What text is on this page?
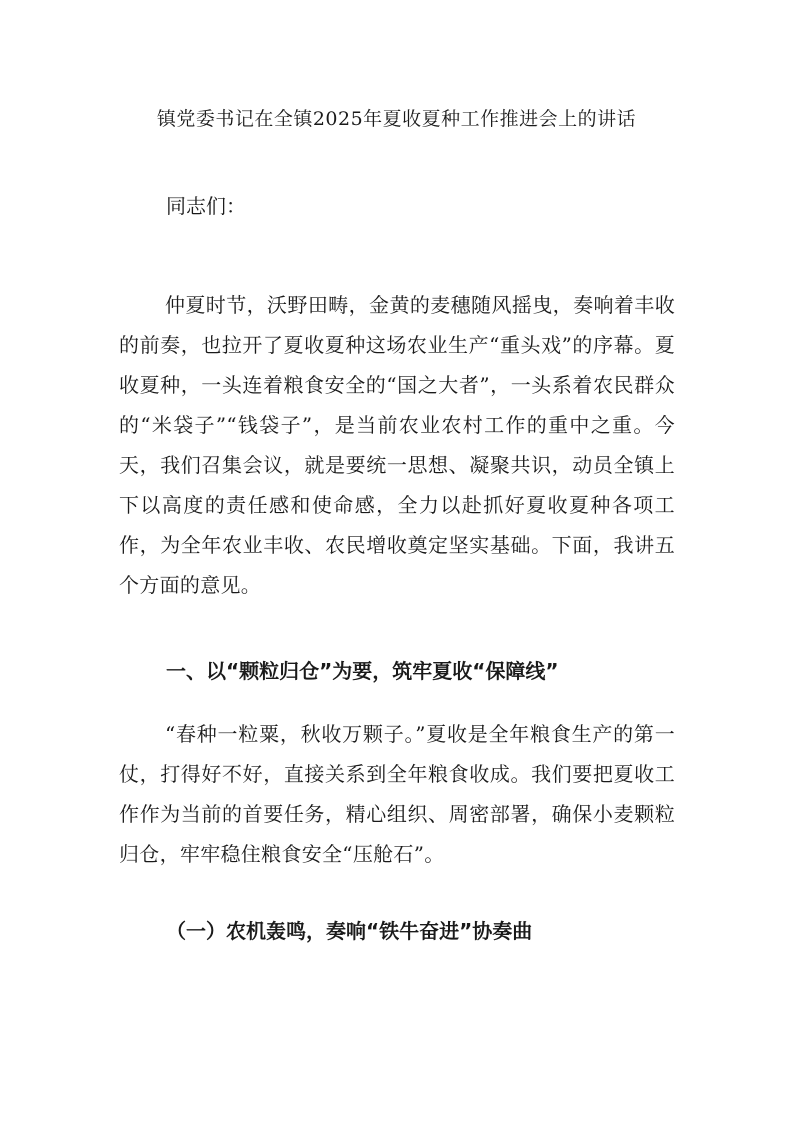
镇党委书记在全镇2025年夏收夏种工作推进会上的讲话

同志们：

仲夏时节，沃野田畴，金黄的麦穗随风摇曳，奏响着丰收的前奏，也拉开了夏收夏种这场农业生产“重头戏”的序幕。夏收夏种，一头连着粮食安全的“国之大者”，一头系着农民群众的“米袋子”“钱袋子”，是当前农业农村工作的重中之重。今天，我们召集会议，就是要统一思想、凝聚共识，动员全镇上下以高度的责任感和使命感，全力以赴抓好夏收夏种各项工作，为全年农业丰收、农民增收奠定坚实基础。下面，我讲五个方面的意见。

一、以“颗粒归仓”为要，筑牢夏收“保障线”

“春种一粒粟，秋收万颗子。”夏收是全年粮食生产的第一仗，打得好不好，直接关系到全年粮食收成。我们要把夏收工作作为当前的首要任务，精心组织、周密部署，确保小麦颗粒归仓，牢牢稳住粮食安全“压舱石”。

（一）农机轰鸣，奏响“铁牛奋进”协奏曲
